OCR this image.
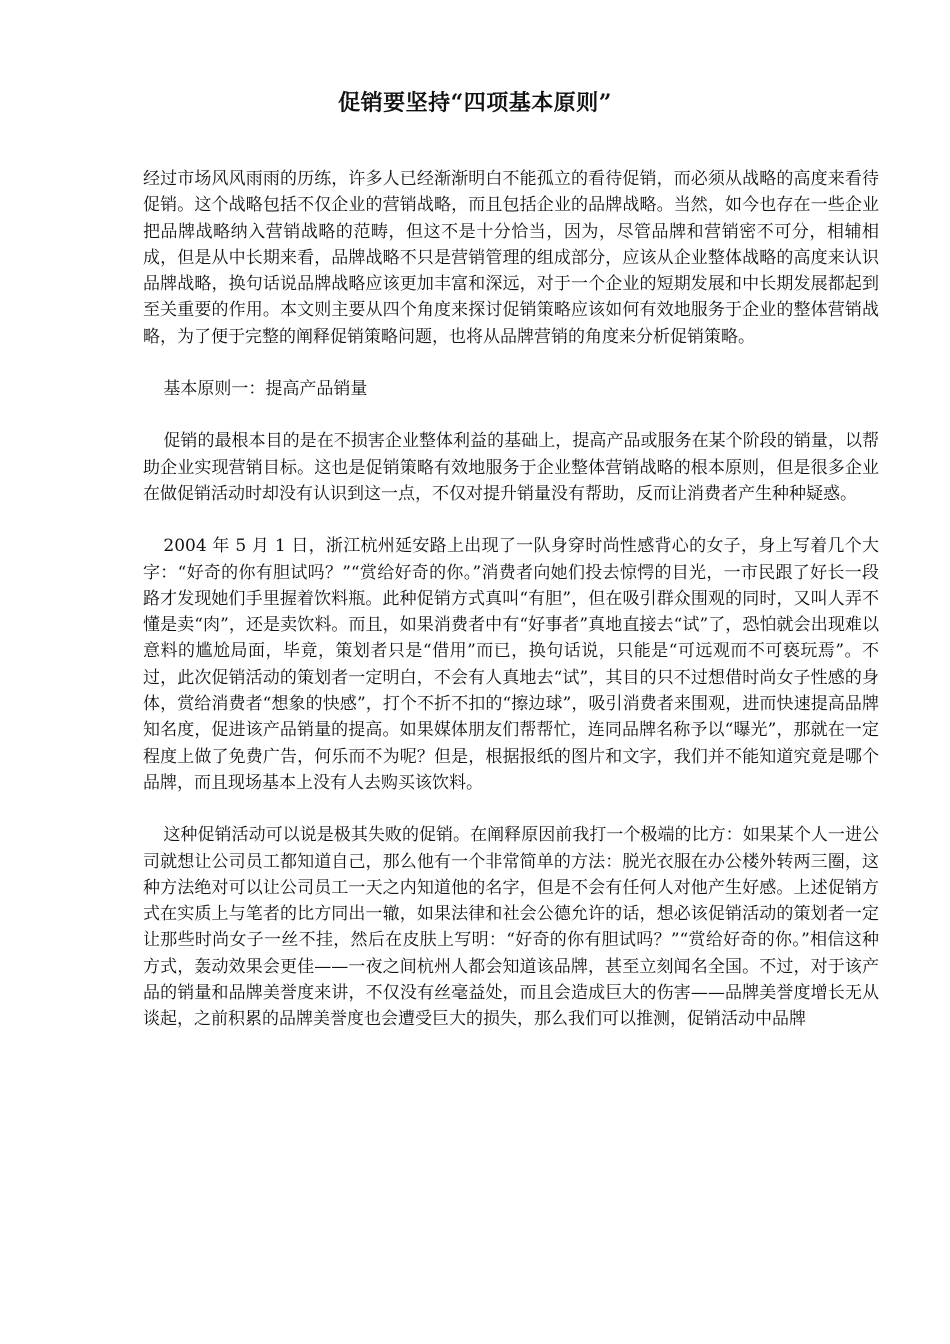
促销要坚持“四项基本原则”

经过市场风风雨雨的历练，许多人已经渐渐明白不能孤立的看待促销，而必须从战略的高度来看待促销。这个战略包括不仅企业的营销战略，而且包括企业的品牌战略。当然，如今也存在一些企业把品牌战略纳入营销战略的范畴，但这不是十分恰当，因为，尽管品牌和营销密不可分，相辅相成，但是从中长期来看，品牌战略不只是营销管理的组成部分，应该从企业整体战略的高度来认识品牌战略，换句话说品牌战略应该更加丰富和深远，对于一个企业的短期发展和中长期发展都起到至关重要的作用。本文则主要从四个角度来探讨促销策略应该如何有效地服务于企业的整体营销战略，为了便于完整的阐释促销策略问题，也将从品牌营销的角度来分析促销策略。

基本原则一：提高产品销量

促销的最根本目的是在不损害企业整体利益的基础上，提高产品或服务在某个阶段的销量，以帮助企业实现营销目标。这也是促销策略有效地服务于企业整体营销战略的根本原则，但是很多企业在做促销活动时却没有认识到这一点，不仅对提升销量没有帮助，反而让消费者产生种种疑惑。

2004 年 5 月 1 日，浙江杭州延安路上出现了一队身穿时尚性感背心的女子，身上写着几个大字：“好奇的你有胆试吗？”“赏给好奇的你。”消费者向她们投去惊愕的目光，一市民跟了好长一段路才发现她们手里握着饮料瓶。此种促销方式真叫“有胆”，但在吸引群众围观的同时，又叫人弄不懂是卖“肉”，还是卖饮料。而且，如果消费者中有“好事者”真地直接去“试”了，恐怕就会出现难以意料的尴尬局面，毕竟，策划者只是“借用”而已，换句话说，只能是“可远观而不可亵玩焉”。不过，此次促销活动的策划者一定明白，不会有人真地去“试”，其目的只不过想借时尚女子性感的身体，赏给消费者“想象的快感”，打个不折不扣的“擦边球”，吸引消费者来围观，进而快速提高品牌知名度，促进该产品销量的提高。如果媒体朋友们帮帮忙，连同品牌名称予以“曝光”，那就在一定程度上做了免费广告，何乐而不为呢？但是，根据报纸的图片和文字，我们并不能知道究竟是哪个品牌，而且现场基本上没有人去购买该饮料。

这种促销活动可以说是极其失败的促销。在阐释原因前我打一个极端的比方：如果某个人一进公司就想让公司员工都知道自己，那么他有一个非常简单的方法：脱光衣服在办公楼外转两三圈，这种方法绝对可以让公司员工一天之内知道他的名字，但是不会有任何人对他产生好感。上述促销方式在实质上与笔者的比方同出一辙，如果法律和社会公德允许的话，想必该促销活动的策划者一定让那些时尚女子一丝不挂，然后在皮肤上写明：“好奇的你有胆试吗？”“赏给好奇的你。”相信这种方式，轰动效果会更佳——一夜之间杭州人都会知道该品牌，甚至立刻闻名全国。不过，对于该产品的销量和品牌美誉度来讲，不仅没有丝毫益处，而且会造成巨大的伤害——品牌美誉度增长无从谈起，之前积累的品牌美誉度也会遭受巨大的损失，那么我们可以推测，促销活动中品牌
